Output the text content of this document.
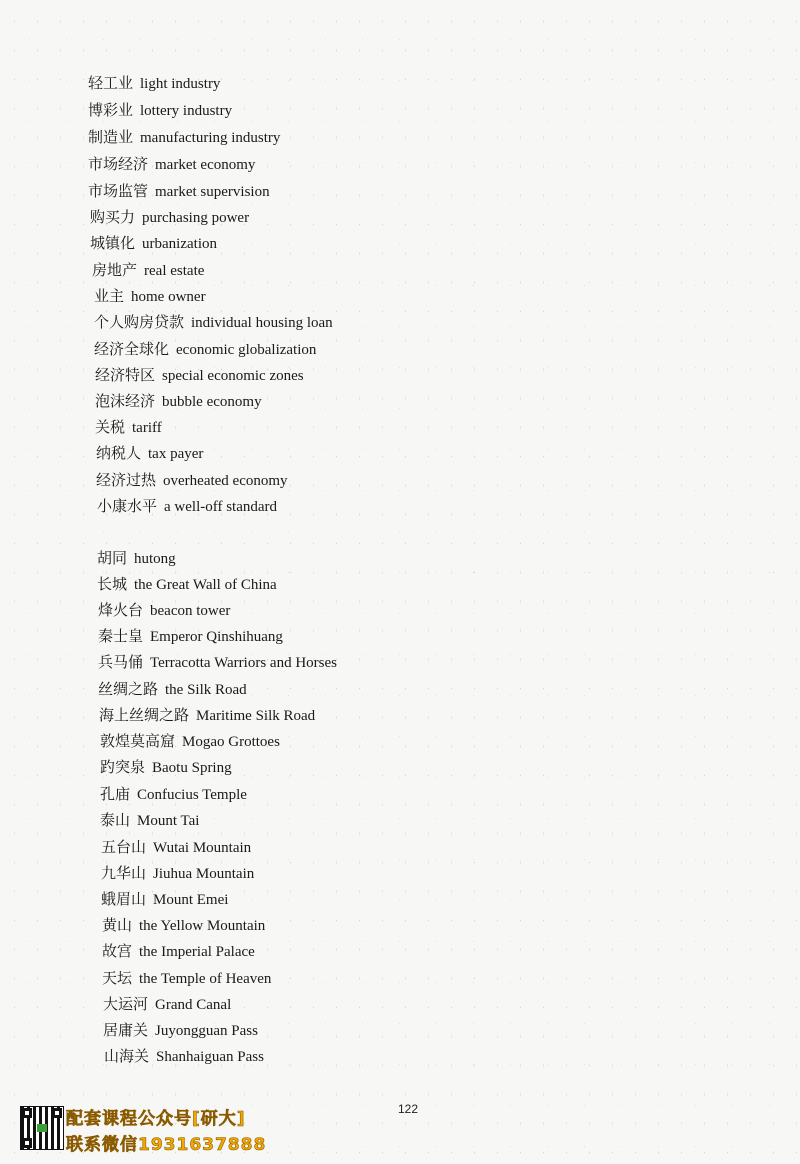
轻工业 light industry
博彩业 lottery industry
制造业 manufacturing industry
市场经济 market economy
市场监管 market supervision
购买力 purchasing power
城镇化 urbanization
房地产 real estate
业主 home owner
个人购房贷款 individual housing loan
经济全球化 economic globalization
经济特区 special economic zones
泡沫经济 bubble economy
关税 tariff
纳税人 tax payer
经济过热 overheated economy
小康水平 a well-off standard
胡同 hutong
长城 the Great Wall of China
烽火台 beacon tower
秦士皇 Emperor Qinshihuang
兵马俑 Terracotta Warriors and Horses
丝绸之路 the Silk Road
海上丝绸之路 Maritime Silk Road
敦煌莫高窟 Mogao Grottoes
趵突泉 Baotu Spring
孔庙 Confucius Temple
泰山 Mount Tai
五台山 Wutai Mountain
九华山 Jiuhua Mountain
蛾眉山 Mount Emei
黄山 the Yellow Mountain
故宫 the Imperial Palace
天坛 the Temple of Heaven
大运河 Grand Canal
居庸关 Juyongguan Pass
山海关 Shanhaiguan Pass
122
配套课程公众号[研大]
联系微信1931637888
